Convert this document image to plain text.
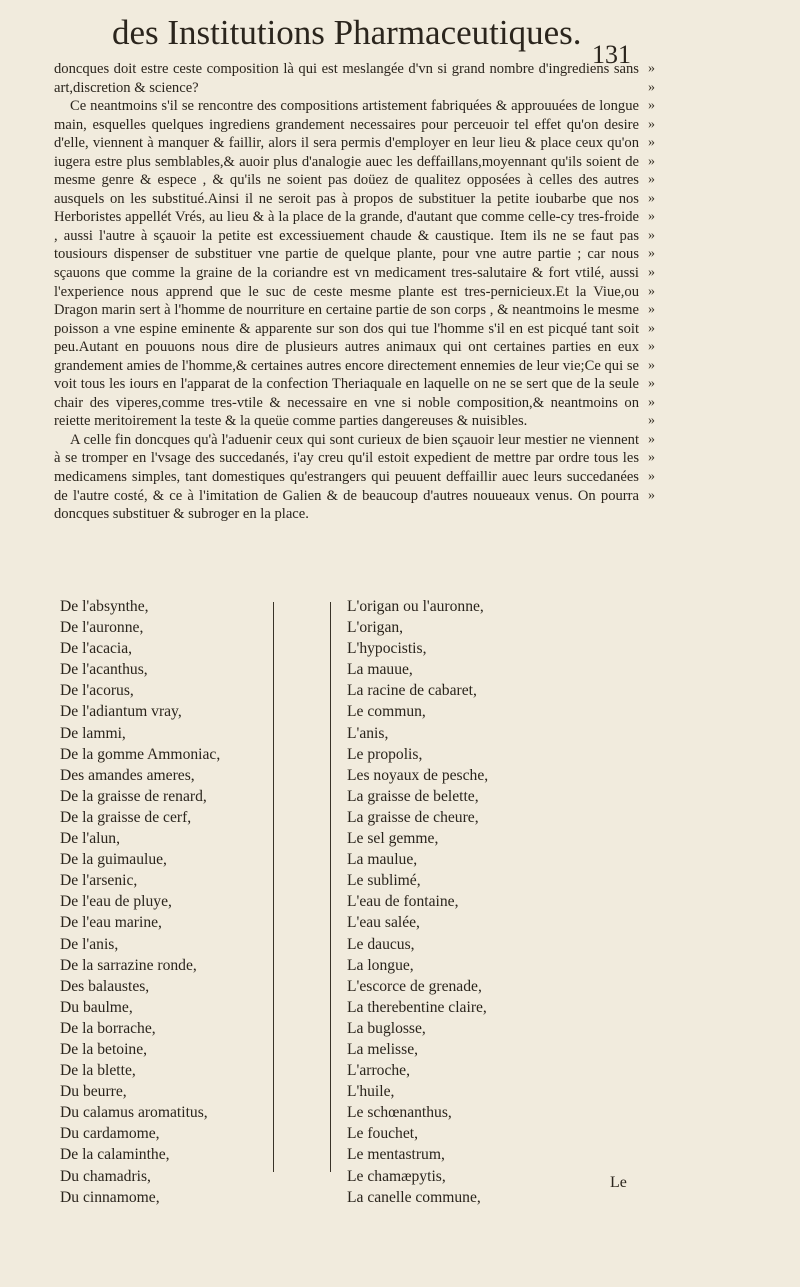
des Institutions Pharmaceutiques.
131

doncques doit estre ceste composition là qui est meslangée d'vn si grand nombre d'ingrediens sans art,discretion & science?

Ce neantmoins s'il se rencontre des compositions artistement fabriquées & approuuées de longue main, esquelles quelques ingrediens grandement necessaires pour perceuoir tel effet qu'on desire d'elle, viennent à manquer & faillir, alors il sera permis d'employer en leur lieu & place ceux qu'on iugera estre plus semblables,& auoir plus d'analogie auec les deffaillans,moyennant qu'ils soient de mesme genre & espece , & qu'ils ne soient pas doüez de qualitez opposées à celles des autres ausquels on les substitué.Ainsi il ne seroit pas à propos de substituer la petite ioubarbe que nos Herboristes appellét Vrés, au lieu & à la place de la grande, d'autant que comme celle-cy tres-froide , aussi l'autre à sçauoir la petite est excessiuement chaude & caustique. Item ils ne se faut pas tousiours dispenser de substituer vne partie de quelque plante, pour vne autre partie ; car nous sçauons que comme la graine de la coriandre est vn medicament tres-salutaire & fort vtilé, aussi l'experience nous apprend que le suc de ceste mesme plante est tres-pernicieux.Et la Viue,ou Dragon marin sert à l'homme de nourriture en certaine partie de son corps , & neantmoins le mesme poisson a vne espine eminente & apparente sur son dos qui tue l'homme s'il en est picqué tant soit peu.Autant en pouuons nous dire de plusieurs autres animaux qui ont certaines parties en eux grandement amies de l'homme,& certaines autres encore directement ennemies de leur vie;Ce qui se voit tous les iours en l'apparat de la confection Theriaquale en laquelle on ne se sert que de la seule chair des viperes,comme tres-vtile & necessaire en vne si noble composition,& neantmoins on reiette meritoirement la teste & la queüe comme parties dangereuses & nuisibles.

A celle fin doncques qu'à l'aduenir ceux qui sont curieux de bien sçauoir leur mestier ne viennent à se tromper en l'vsage des succedanés, i'ay creu qu'il estoit expedient de mettre par ordre tous les medicamens simples, tant domestiques qu'estrangers qui peuuent deffaillir auec leurs succedanées de l'autre costé, & ce à l'imitation de Galien & de beaucoup d'autres nouueaux venus. On pourra doncques substituer & subroger en la place.

»
»
»
»
»
»
»
»
»
»
»
»
»
»
»
»
»
»
»
»
»
»
»
»
De l'absynthe,
De l'auronne,
De l'acacia,
De l'acanthus,
De l'acorus,
De l'adiantum vray,
De lammi,
De la gomme Ammoniac,
Des amandes ameres,
De la graisse de renard,
De la graisse de cerf,
De l'alun,
De la guimaulue,
De l'arsenic,
De l'eau de pluye,
De l'eau marine,
De l'anis,
De la sarrazine ronde,
Des balaustes,
Du baulme,
De la borrache,
De la betoine,
De la blette,
Du beurre,
Du calamus aromatitus,
Du cardamome,
De la calaminthe,
Du chamadris,
Du cinnamome,
L'origan ou l'auronne,
L'origan,
L'hypocistis,
La mauue,
La racine de cabaret,
Le commun,
L'anis,
Le propolis,
Les noyaux de pesche,
La graisse de belette,
La graisse de cheure,
Le sel gemme,
La maulue,
Le sublimé,
L'eau de fontaine,
L'eau salée,
Le daucus,
La longue,
L'escorce de grenade,
La therebentine claire,
La buglosse,
La melisse,
L'arroche,
L'huile,
Le schœnanthus,
Le fouchet,
Le mentastrum,
Le chamæpytis,
La canelle commune,
Le
